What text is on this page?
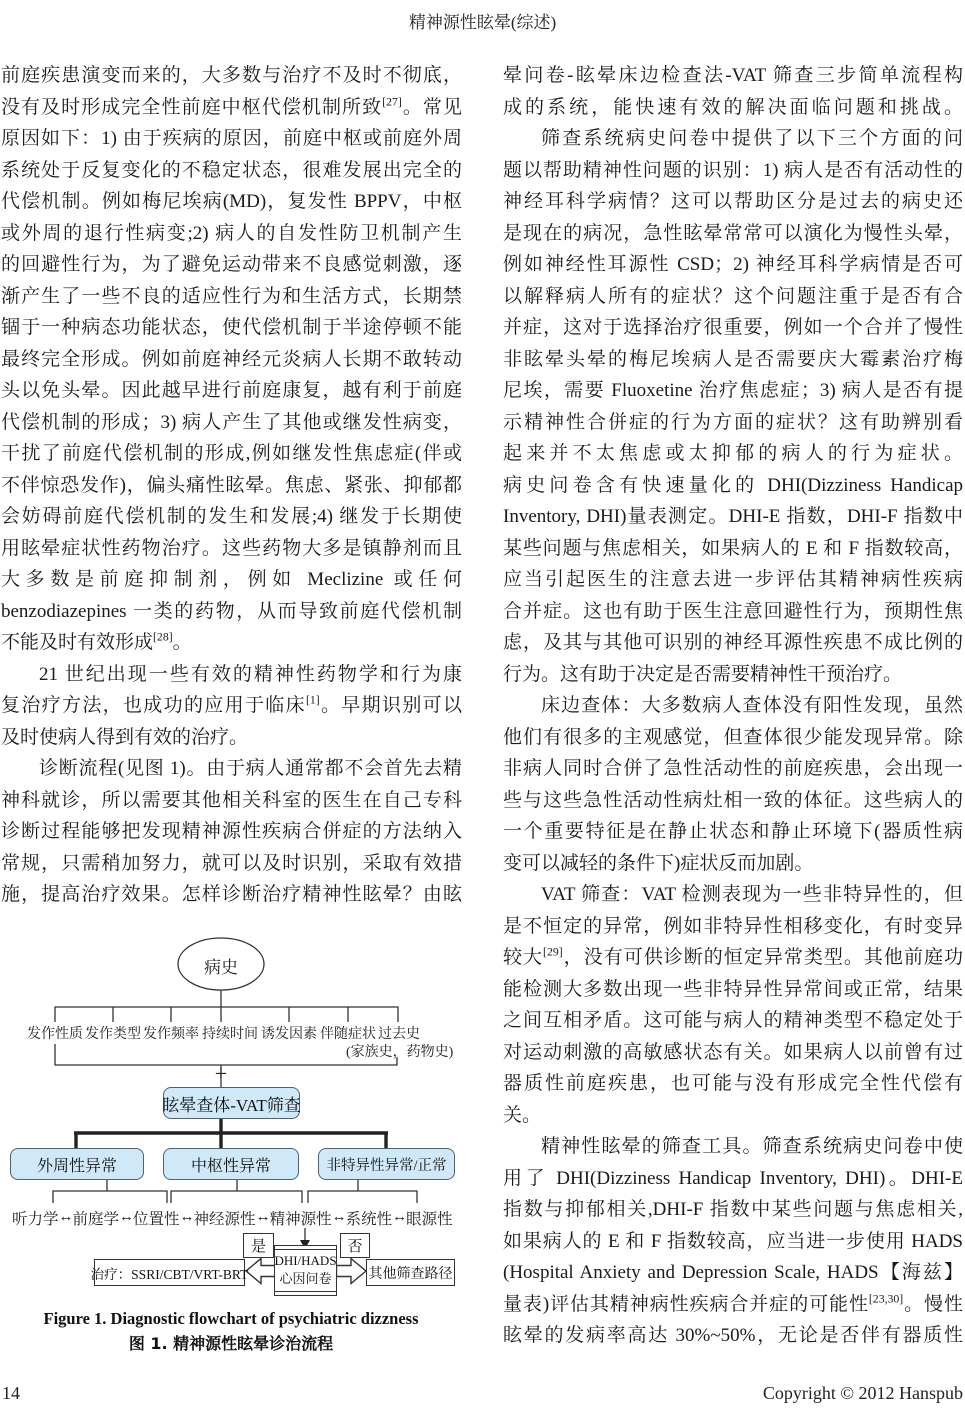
精神源性眩晕(综述)
前庭疾患演变而来的，大多数与治疗不及时不彻底，
没有及时形成完全性前庭中枢代偿机制所致[27]。常见
原因如下：1) 由于疾病的原因，前庭中枢或前庭外周
系统处于反复变化的不稳定状态，很难发展出完全的
代偿机制。例如梅尼埃病(MD)，复发性 BPPV，中枢
或外周的退行性病变;2) 病人的自发性防卫机制产生
的回避性行为，为了避免运动带来不良感觉刺激，逐
渐产生了一些不良的适应性行为和生活方式，长期禁
锢于一种病态功能状态，使代偿机制于半途停顿不能
最终完全形成。例如前庭神经元炎病人长期不敢转动
头以免头晕。因此越早进行前庭康复，越有利于前庭
代偿机制的形成；3) 病人产生了其他或继发性病变，
干扰了前庭代偿机制的形成,例如继发性焦虑症(伴或
不伴惊恐发作)，偏头痛性眩晕。焦虑、紧张、抑郁都
会妨碍前庭代偿机制的发生和发展;4) 继发于长期使
用眩晕症状性药物治疗。这些药物大多是镇静剂而且
大多数是前庭抑制剂，例如 Meclizine 或任何
benzodiazepines 一类的药物，从而导致前庭代偿机制
不能及时有效形成[28]。
21 世纪出现一些有效的精神性药物学和行为康
复治疗方法，也成功的应用于临床[1]。早期识别可以
及时使病人得到有效的治疗。
诊断流程(见图 1)。由于病人通常都不会首先去精
神科就诊，所以需要其他相关科室的医生在自己专科
诊断过程能够把发现精神源性疾病合併症的方法纳入
常规，只需稍加努力，就可以及时识别，采取有效措
施，提高治疗效果。怎样诊断治疗精神性眩晕？由眩
晕问卷‐眩晕床边检查法‐VAT 筛查三步简单流程构
成的系统，能快速有效的解决面临问题和挑战。
筛查系统病史问卷中提供了以下三个方面的问
题以帮助精神性问题的识别：1) 病人是否有活动性的
神经耳科学病情？这可以帮助区分是过去的病史还
是现在的病况，急性眩晕常常可以演化为慢性头晕，
例如神经性耳源性 CSD；2) 神经耳科学病情是否可
以解释病人所有的症状？这个问题注重于是否有合
并症，这对于选择治疗很重要，例如一个合并了慢性
非眩晕头晕的梅尼埃病人是否需要庆大霉素治疗梅
尼埃，需要 Fluoxetine 治疗焦虑症；3) 病人是否有提
示精神性合併症的行为方面的症状？这有助辨别看
起来并不太焦虑或太抑郁的病人的行为症状。
病史问卷含有快速量化的 DHI(Dizziness Handicap
Inventory, DHI)量表测定。DHI-E 指数，DHI-F 指数中
某些问题与焦虑相关，如果病人的 E 和 F 指数较高，
应当引起医生的注意去进一步评估其精神病性疾病
合并症。这也有助于医生注意回避性行为，预期性焦
虑，及其与其他可识别的神经耳源性疾患不成比例的
行为。这有助于决定是否需要精神性干预治疗。
床边查体：大多数病人查体没有阳性发现，虽然
他们有很多的主观感觉，但查体很少能发现异常。除
非病人同时合併了急性活动性的前庭疾患，会出现一
些与这些急性活动性病灶相一致的体征。这些病人的
一个重要特征是在静止状态和静止环境下(器质性病
变可以减轻的条件下)症状反而加剧。
VAT 筛查：VAT 检测表现为一些非特异性的，但
是不恒定的异常，例如非特异性相移变化，有时变异
较大[29]，没有可供诊断的恒定异常类型。其他前庭功
能检测大多数出现一些非特异性异常间或正常，结果
之间互相矛盾。这可能与病人的精神类型不稳定处于
对运动刺激的高敏感状态有关。如果病人以前曾有过
器质性前庭疾患，也可能与没有形成完全性代偿有
关。
精神性眩晕的筛查工具。筛查系统病史问卷中使
用了 DHI(Dizziness Handicap Inventory, DHI)。DHI-E
指数与抑郁相关,DHI-F 指数中某些问题与焦虑相关,
如果病人的 E 和 F 指数较高，应当进一步使用 HADS
(Hospital Anxiety and Depression Scale, HADS【海兹】
量表)评估其精神病性疾病合并症的可能性[23,30]。慢性
眩晕的发病率高达 30%~50%，无论是否伴有器质性
病史
发作性质 发作类型 发作频率 持续时间 诱发因素 伴随症状 过去史
(家族史，药物史)
+
眩晕查体-VAT筛查
外周性异常	中枢性异常	非特异性异常/正常
听力学 ↔ 前庭学 ↔ 位置性 ↔ 神经源性 ↔ 精神源性 ↔ 系统性 ↔ 眼源性
是	否
DHI/HADS
心因问卷
治疗：SSRI/CBT/VRT-BRT	其他筛查路径
Figure 1. Diagnostic flowchart of psychiatric dizzness
图 1. 精神源性眩晕诊治流程
14	Copyright © 2012 Hanspub
